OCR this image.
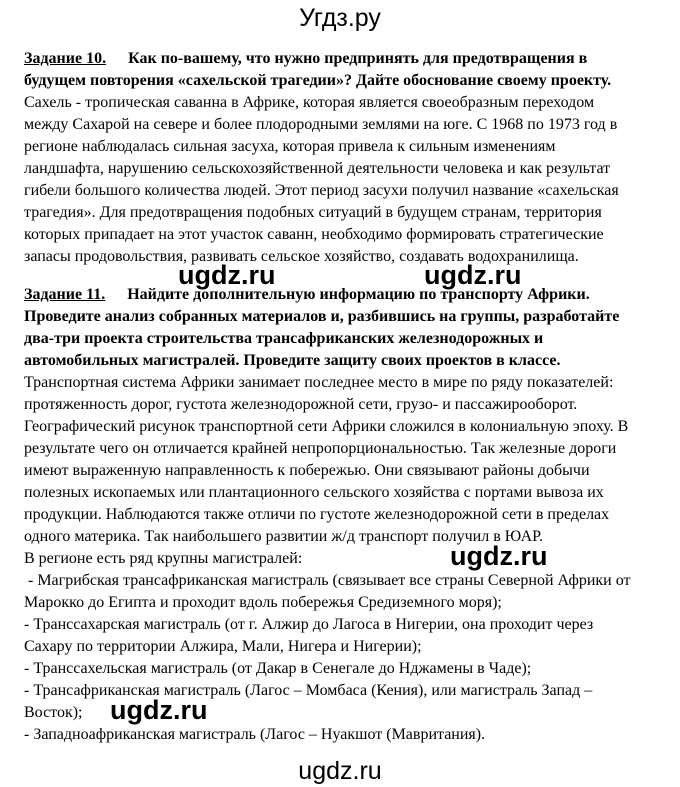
Угдз.ру
Задание 10. Как по-вашему, что нужно предпринять для предотвращения в
будущем повторения «сахельской трагедии»? Дайте обоснование своему проекту.
Сахель - тропическая саванна в Африке, которая является своеобразным переходом
между Сахарой на севере и более плодородными землями на юге. С 1968 по 1973 год в
регионе наблюдалась сильная засуха, которая привела к сильным изменениям
ландшафта, нарушению сельскохозяйственной деятельности человека и как результат
гибели большого количества людей. Этот период засухи получил название «сахельская
трагедия». Для предотвращения подобных ситуаций в будущем странам, территория
которых припадает на этот участок саванн, необходимо формировать стратегические
запасы продовольствия, развивать сельское хозяйство, создавать водохранилища.
ugdz.ru	ugdz.ru
Задание 11. Найдите дополнительную информацию по транспорту Африки.
Проведите анализ собранных материалов и, разбившись на группы, разработайте
два-три проекта строительства трансафриканских железнодорожных и
автомобильных магистралей. Проведите защиту своих проектов в классе.
Транспортная система Африки занимает последнее место в мире по ряду показателей:
протяженность дорог, густота железнодорожной сети, грузо- и пассажирооборот.
Географический рисунок транспортной сети Африки сложился в колониальную эпоху. В
результате чего он отличается крайней непропорциональностью. Так железные дороги
имеют выраженную направленность к побережью. Они связывают районы добычи
полезных ископаемых или плантационного сельского хозяйства с портами вывоза их
продукции. Наблюдаются также отличи по густоте железнодорожной сети в пределах
одного материка. Так наибольшего развитии ж/д транспорт получил в ЮАР.
В регионе есть ряд крупны магистралей:	ugdz.ru
- Магрибская трансафриканская магистраль (связывает все страны Северной Африки от
Марокко до Египта и проходит вдоль побережья Средиземного моря);
- Транссахарская магистраль (от г. Алжир до Лагоса в Нигерии, она проходит через
Сахару по территории Алжира, Мали, Нигера и Нигерии);
- Транссахельская магистраль (от Дакар в Сенегале до Нджамены в Чаде);
- Трансафриканская магистраль (Лагос – Момбаса (Кения), или магистраль Запад –
Восток); ugdz.ru
- Западноафриканская магистраль (Лагос – Нуакшот (Мавритания).
ugdz.ru
